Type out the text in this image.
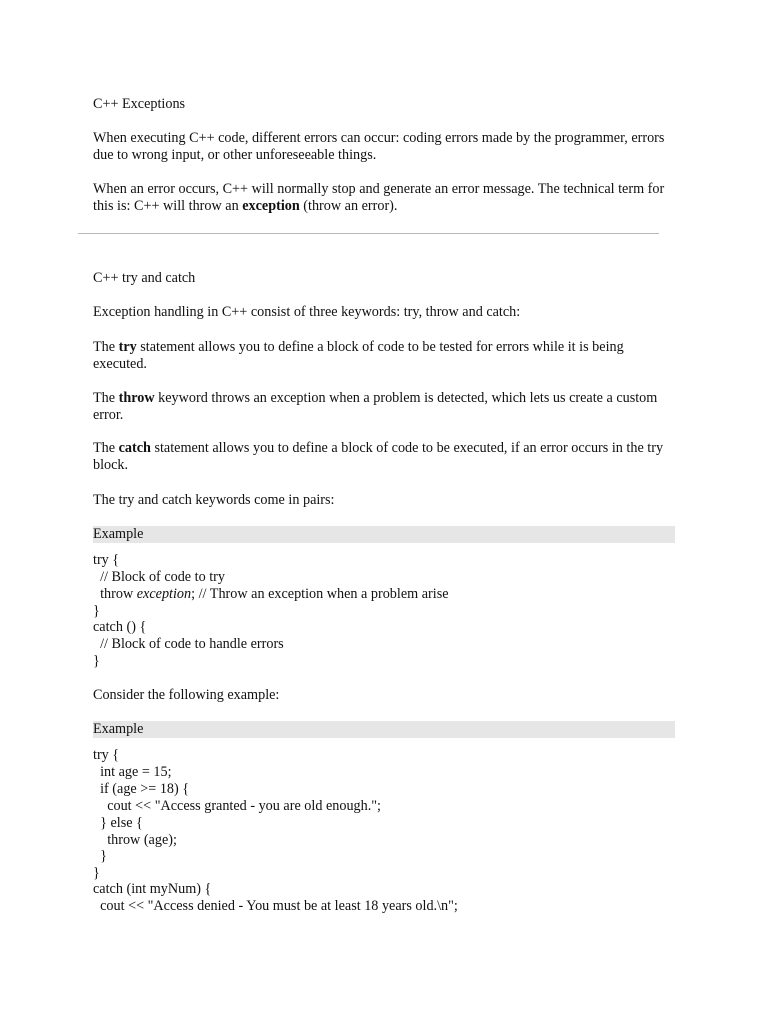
C++ Exceptions
When executing C++ code, different errors can occur: coding errors made by the programmer, errors due to wrong input, or other unforeseeable things.
When an error occurs, C++ will normally stop and generate an error message. The technical term for this is: C++ will throw an exception (throw an error).
C++ try and catch
Exception handling in C++ consist of three keywords: try, throw and catch:
The try statement allows you to define a block of code to be tested for errors while it is being executed.
The throw keyword throws an exception when a problem is detected, which lets us create a custom error.
The catch statement allows you to define a block of code to be executed, if an error occurs in the try block.
The try and catch keywords come in pairs:
Example
try {
// Block of code to try
throw exception; // Throw an exception when a problem arise
}
catch () {
// Block of code to handle errors
}
Consider the following example:
Example
try {
int age = 15;
if (age >= 18) {
cout << "Access granted - you are old enough.";
} else {
throw (age);
}
}
catch (int myNum) {
cout << "Access denied - You must be at least 18 years old.\n";
